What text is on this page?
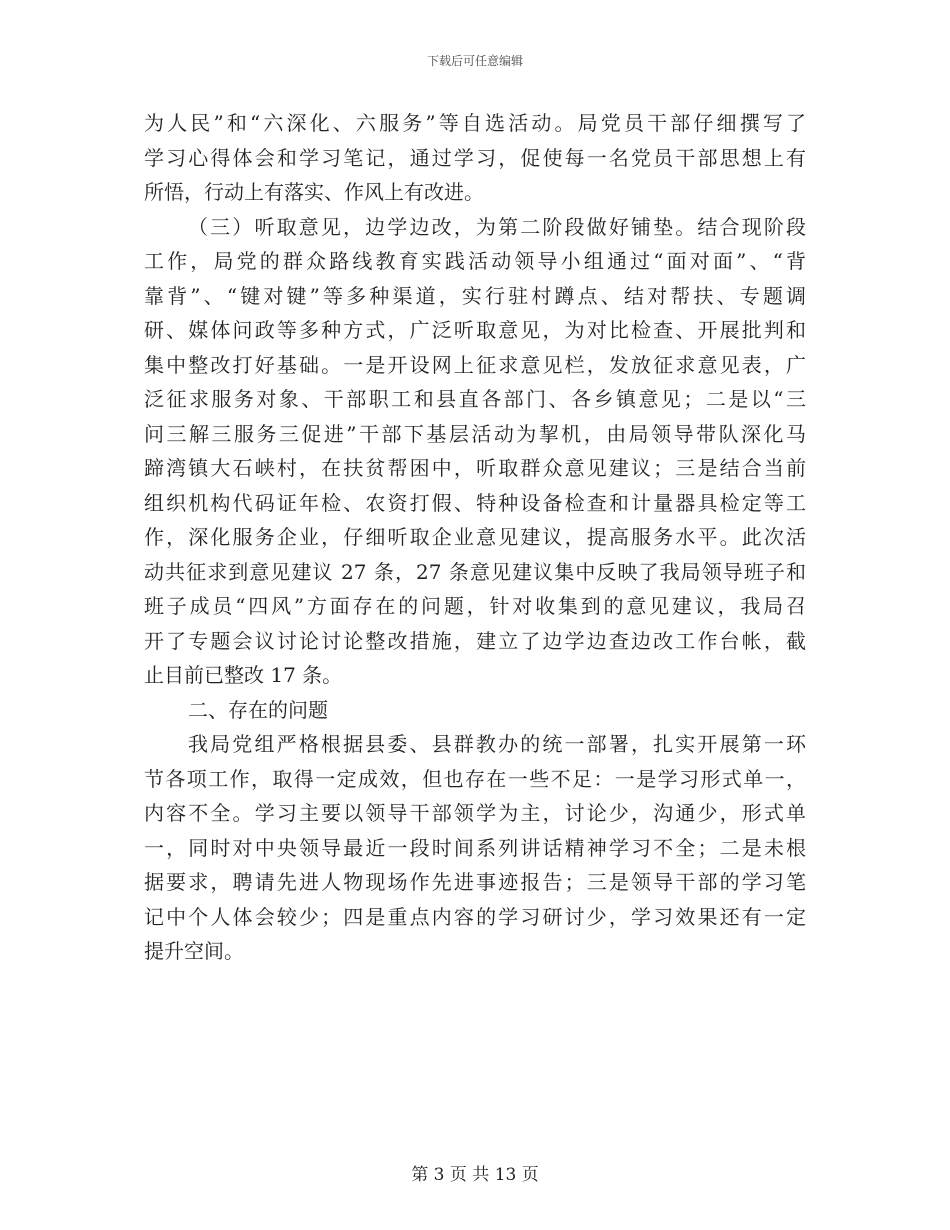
下载后可任意编辑
为人民”和“六深化、六服务”等自选活动。局党员干部仔细撰写了
学习心得体会和学习笔记，通过学习，促使每一名党员干部思想上有
所悟，行动上有落实、作风上有改进。
（三）听取意见，边学边改，为第二阶段做好铺垫。结合现阶段
工作，局党的群众路线教育实践活动领导小组通过“面对面”、“背
靠背”、“键对键”等多种渠道，实行驻村蹲点、结对帮扶、专题调
研、媒体问政等多种方式，广泛听取意见，为对比检查、开展批判和
集中整改打好基础。一是开设网上征求意见栏，发放征求意见表，广
泛征求服务对象、干部职工和县直各部门、各乡镇意见；二是以“三
问三解三服务三促进”干部下基层活动为挈机，由局领导带队深化马
蹄湾镇大石峡村，在扶贫帮困中，听取群众意见建议；三是结合当前
组织机构代码证年检、农资打假、特种设备检查和计量器具检定等工
作，深化服务企业，仔细听取企业意见建议，提高服务水平。此次活
动共征求到意见建议 27 条，27 条意见建议集中反映了我局领导班子和
班子成员“四风”方面存在的问题，针对收集到的意见建议，我局召
开了专题会议讨论讨论整改措施，建立了边学边查边改工作台帐，截
止目前已整改 17 条。
二、存在的问题
我局党组严格根据县委、县群教办的统一部署，扎实开展第一环
节各项工作，取得一定成效，但也存在一些不足：一是学习形式单一，
内容不全。学习主要以领导干部领学为主，讨论少，沟通少，形式单
一，同时对中央领导最近一段时间系列讲话精神学习不全；二是未根
据要求，聘请先进人物现场作先进事迹报告；三是领导干部的学习笔
记中个人体会较少；四是重点内容的学习研讨少，学习效果还有一定
提升空间。
第 3 页 共 13 页
